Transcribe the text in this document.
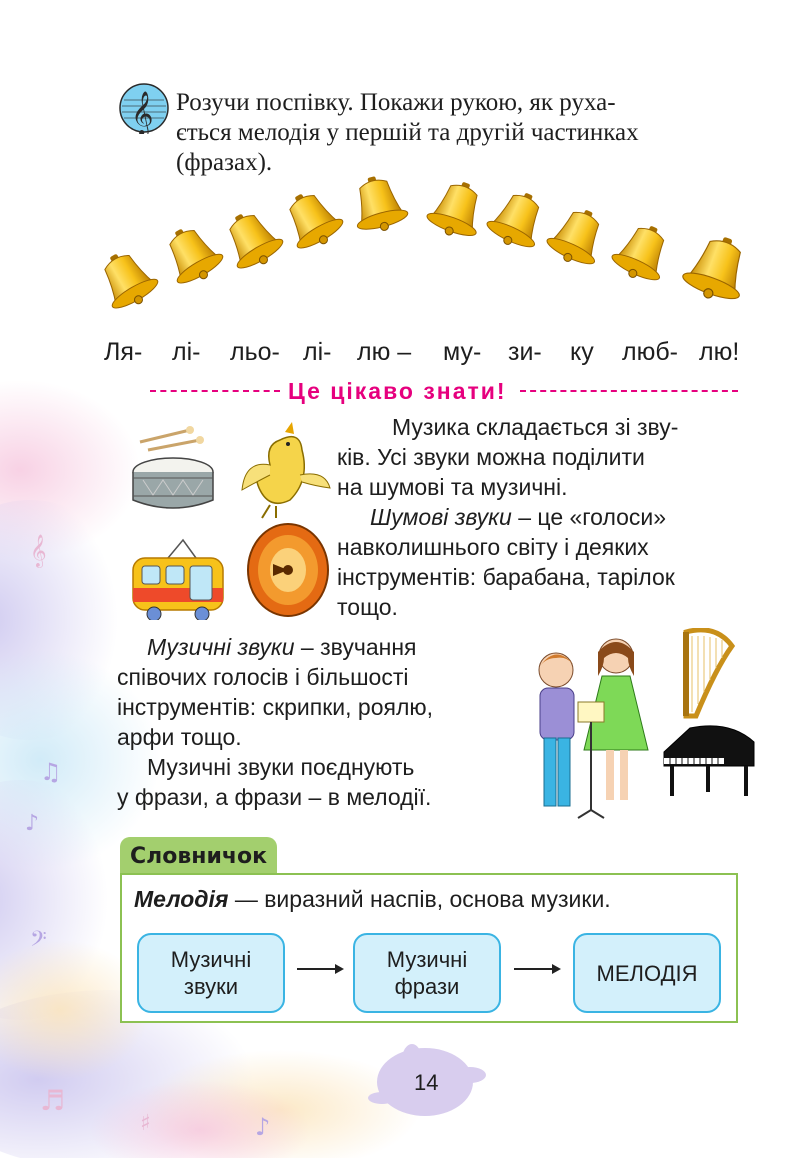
𝄞
♫
♪
𝄢
♬
♯	♪
𝄞 Розучи поспівку. Покажи рукою, як руха-
ється мелодія у першій та другій частинках
(фразах).
Ля- лі- льо- лі- лю – му- зи- ку люб- лю!
Це цікаво знати!
Музика складається зі зву-
ків. Усі звуки можна поділити
на шумові та музичні.
Шумові звуки – це «голоси»
навколишнього світу і деяких
інструментів: барабана, тарілок
тощо.
Музичні звуки – звучання
співочих голосів і більшості
інструментів: скрипки, роялю,
арфи тощо.
Музичні звуки поєднують
у фрази, а фрази – в мелодії.
Словничок
Мелодія — виразний наспів, основа музики.
Музичні
звуки
Музичні
фрази
МЕЛОДІЯ
14
